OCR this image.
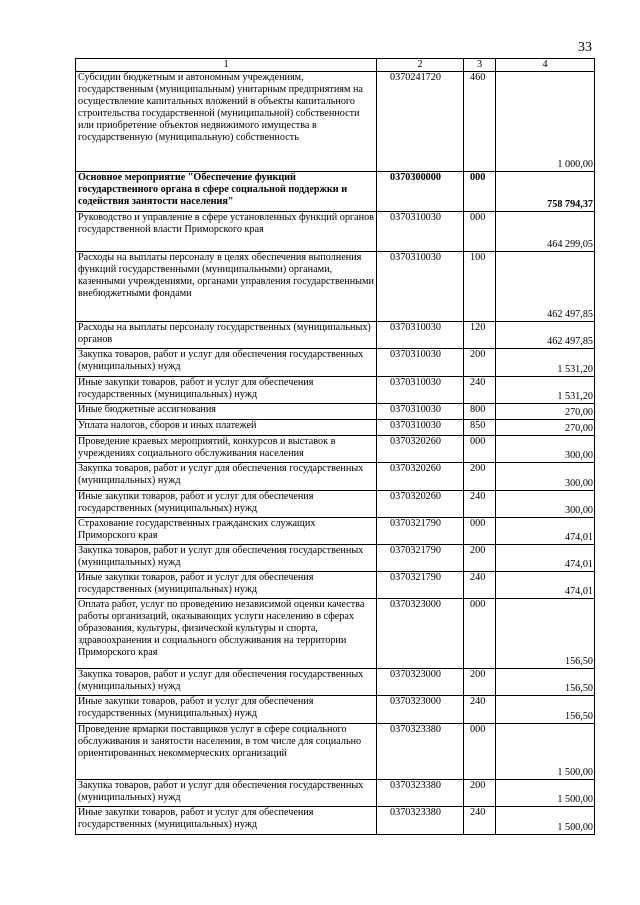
33
1	2	3	4
Субсидии бюджетным и автономным учреждениям, государственным (муниципальным) унитарным предприятиям на осуществление капитальных вложений в объекты капитального строительства государственной (муниципальной) собственности или приобретение объектов недвижимого имущества в государственную (муниципальную) собственность	0370241720	460	1 000,00
Основное мероприятие "Обеспечение функций государственного органа в сфере социальной поддержки и содействия занятости населения"	0370300000	000	758 794,37
Руководство и управление в сфере установленных функций органов государственной власти Приморского края	0370310030	000	464 299,05
Расходы на выплаты персоналу в целях обеспечения выполнения функций государственными (муниципальными) органами, казенными учреждениями, органами управления государственными внебюджетными фондами	0370310030	100	462 497,85
Расходы на выплаты персоналу государственных (муниципальных) органов	0370310030	120	462 497,85
Закупка товаров, работ и услуг для обеспечения государственных (муниципальных) нужд	0370310030	200	1 531,20
Иные закупки товаров, работ и услуг для обеспечения государственных (муниципальных) нужд	0370310030	240	1 531,20
Иные бюджетные ассигнования	0370310030	800	270,00
Уплата налогов, сборов и иных платежей	0370310030	850	270,00
Проведение краевых мероприятий, конкурсов и выставок в учреждениях социального обслуживания населения	0370320260	000	300,00
Закупка товаров, работ и услуг для обеспечения государственных (муниципальных) нужд	0370320260	200	300,00
Иные закупки товаров, работ и услуг для обеспечения государственных (муниципальных) нужд	0370320260	240	300,00
Страхование государственных гражданских служащих Приморского края	0370321790	000	474,01
Закупка товаров, работ и услуг для обеспечения государственных (муниципальных) нужд	0370321790	200	474,01
Иные закупки товаров, работ и услуг для обеспечения государственных (муниципальных) нужд	0370321790	240	474,01
Оплата работ, услуг по проведению независимой оценки качества работы организаций, оказывающих услуги населению в сферах образования, культуры, физической культуры и спорта, здравоохранения и социального обслуживания на территории Приморского края	0370323000	000	156,50
Закупка товаров, работ и услуг для обеспечения государственных (муниципальных) нужд	0370323000	200	156,50
Иные закупки товаров, работ и услуг для обеспечения государственных (муниципальных) нужд	0370323000	240	156,50
Проведение ярмарки поставщиков услуг в сфере социального обслуживания и занятости населения, в том числе для социально ориентированных некоммерческих организаций	0370323380	000	1 500,00
Закупка товаров, работ и услуг для обеспечения государственных (муниципальных) нужд	0370323380	200	1 500,00
Иные закупки товаров, работ и услуг для обеспечения государственных (муниципальных) нужд	0370323380	240	1 500,00
